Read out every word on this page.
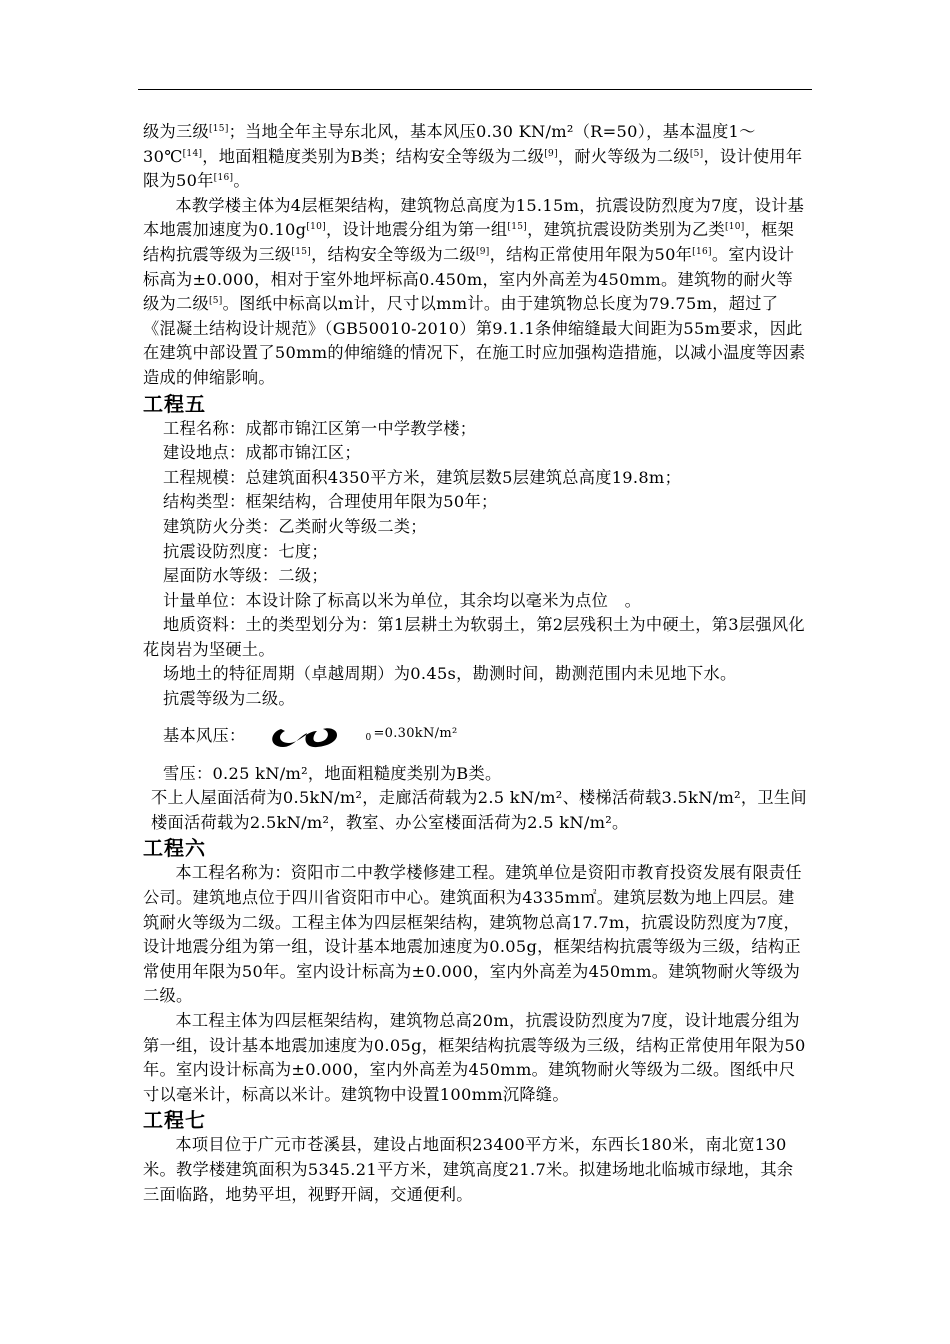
级为三级[15]；当地全年主导东北风，基本风压0.30 KN/m²（R=50），基本温度1～30℃[14]，地面粗糙度类别为B类；结构安全等级为二级[9]，耐火等级为二级[5]，设计使用年限为50年[16]。

本教学楼主体为4层框架结构，建筑物总高度为15.15m，抗震设防烈度为7度，设计基本地震加速度为0.10g[10]，设计地震分组为第一组[15]，建筑抗震设防类别为乙类[10]，框架结构抗震等级为三级[15]，结构安全等级为二级[9]，结构正常使用年限为50年[16]。室内设计标高为±0.000，相对于室外地坪标高0.450m，室内外高差为450mm。建筑物的耐火等级为二级[5]。图纸中标高以m计，尺寸以mm计。由于建筑物总长度为79.75m，超过了《混凝土结构设计规范》（GB50010-2010）第9.1.1条伸缩缝最大间距为55m要求，因此在建筑中部设置了50mm的伸缩缝的情况下，在施工时应加强构造措施，以减小温度等因素造成的伸缩影响。

工程五

工程名称：成都市锦江区第一中学教学楼；

建设地点：成都市锦江区；

工程规模：总建筑面积4350平方米，建筑层数5层建筑总高度19.8m；

结构类型：框架结构，合理使用年限为50年；

建筑防火分类：乙类耐火等级二类；

抗震设防烈度：七度；

屋面防水等级：二级；

计量单位：本设计除了标高以米为单位，其余均以毫米为点位　。

地质资料：土的类型划分为：第1层耕土为软弱土，第2层残积土为中硬土，第3层强风化花岗岩为坚硬土。

场地土的特征周期（卓越周期）为0.45s，勘测时间，勘测范围内未见地下水。

抗震等级为二级。

基本风压：	$_0$ =0.30kN/m²

雪压：0.25 kN/m²，地面粗糙度类别为B类。

不上人屋面活荷为0.5kN/m²，走廊活荷载为2.5 kN/m²、楼梯活荷载3.5kN/m²，卫生间楼面活荷载为2.5kN/m²，教室、办公室楼面活荷为2.5 kN/m²。

工程六

本工程名称为：资阳市二中教学楼修建工程。建筑单位是资阳市教育投资发展有限责任公司。建筑地点位于四川省资阳市中心。建筑面积为4335m㎡。建筑层数为地上四层。建筑耐火等级为二级。工程主体为四层框架结构，建筑物总高17.7m，抗震设防烈度为7度，设计地震分组为第一组，设计基本地震加速度为0.05g，框架结构抗震等级为三级，结构正常使用年限为50年。室内设计标高为±0.000，室内外高差为450mm。建筑物耐火等级为二级。

本工程主体为四层框架结构，建筑物总高20m，抗震设防烈度为7度，设计地震分组为第一组，设计基本地震加速度为0.05g，框架结构抗震等级为三级，结构正常使用年限为50年。室内设计标高为±0.000，室内外高差为450mm。建筑物耐火等级为二级。图纸中尺寸以毫米计，标高以米计。建筑物中设置100mm沉降缝。

工程七

本项目位于广元市苍溪县，建设占地面积23400平方米，东西长180米，南北宽130米。教学楼建筑面积为5345.21平方米，建筑高度21.7米。拟建场地北临城市绿地，其余三面临路，地势平坦，视野开阔，交通便利。
